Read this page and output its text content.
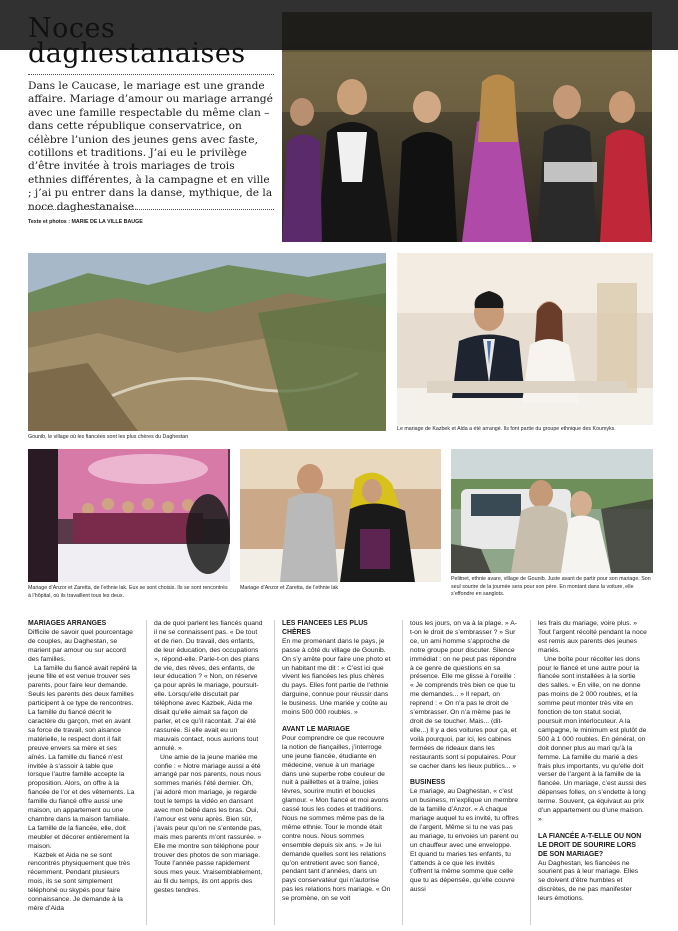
Noces daghestanaises

Dans le Caucase, le mariage est une grande affaire. Mariage d’amour ou mariage arrangé avec une famille respectable du même clan – dans cette république conservatrice, on célèbre l’union des jeunes gens avec faste, cotillons et traditions. J’ai eu le privilège d’être invitée à trois mariages de trois ethnies différentes, à la campagne et en ville ; j’ai pu entrer dans la danse, mythique, de la noce daghestanaise.

Texte et photos : MARIE DE LA VILLE BAUGE
Gounib, le village où les fiancées sont les plus chères du Daghestan
Le mariage de Kazbek et Aida a été arrangé. Ils font partie du groupe ethnique des Koumyks.
Mariage d’Anzor et Zaretta, de l’ethnie lak. Eux se sont choisis. Ils se sont rencontrés à l’hôpital, où ils travaillent tous les deux.
Mariage d’Anzor et Zaretta, de l’ethnie lak
Pelitnet, ethnie avare, village de Gounib. Juste avant de partir pour son mariage. Son seul sourire de la journée sera pour son père. En montant dans la voiture, elle s’effondre en sanglots.
MARIAGES ARRANGÉS

Difficile de savoir quel pourcentage de couples, au Daghestan, se marient par amour ou sur accord des familles.

La famille du fiancé avait repéré la jeune fille et est venue trouver ses parents, pour faire leur demande. Seuls les parents des deux familles participent à ce type de rencontres. La famille du fiancé décrit le caractère du garçon, met en avant sa force de travail, son aisance matérielle, le respect dont il fait preuve envers sa mère et ses aînés. La famille du fiancé n’est invitée à s’assoir à table que lorsque l’autre famille accepte la proposition. Alors, on offre à la fiancée de l’or et des vêtements. La famille du fiancé offre aussi une maison, un appartement ou une chambre dans la maison familiale. La famille de la fiancée, elle, doit meubler et décorer entièrement la maison.

Kazbek et Aida ne se sont rencontrés physiquement que très récemment. Pendant plusieurs mois, ils se sont simplement téléphoné ou skypés pour faire connaissance. Je demande à la mère d’Aida

da de quoi parlent les fiancés quand il ne se connaissent pas. « De tout et de rien. Du travail, des enfants, de leur éducation, des occupations », répond-elle. Parle-t-on des plans de vie, des rêves, des enfants, de leur éducation ? « Non, on réserve ça pour après le mariage, poursuit-elle. Lorsqu’elle discutait par téléphone avec Kazbek, Aida me disait qu’elle aimait sa façon de parler, et ce qu’il racontait. J’ai été rassurée. Si elle avait eu un mauvais contact, nous aurions tout annulé. »

Une amie de la jeune mariée me confie : « Notre mariage aussi a été arrangé par nos parents, nous nous sommes mariés l’été dernier. Oh, j’ai adoré mon mariage, je regarde tout le temps la vidéo en dansant avec mon bébé dans les bras. Oui, l’amour est venu après. Bien sûr, j’avais peur qu’on ne s’entende pas, mais mes parents m’ont rassurée. » Elle me montre son téléphone pour trouver des photos de son mariage. Toute l’année passe rapidement sous mes yeux. Vraisemblablement, au fil du temps, ils ont appris des gestes tendres.

LES FIANCÉES LES PLUS CHÈRES

En me promenant dans le pays, je passe à côté du village de Gounib. On s’y arrête pour faire une photo et un habitant me dit : « C’est ici que vivent les fiancées les plus chères du pays. Elles font partie de l’ethnie darguine, connue pour réussir dans le business. Une mariée y coûte au moins 500 000 roubles. »

AVANT LE MARIAGE

Pour comprendre ce que recouvre la notion de fiançailles, j’interroge une jeune fiancée, étudiante en médecine, venue à un mariage dans une superbe robe couleur de nuit à paillettes et à traîne, jolies lèvres, sourire mutin et boucles glamour. « Mon fiancé et moi avons cassé tous les codes et traditions. Nous ne sommes même pas de la même ethnie. Tour le monde était contre nous. Nous sommes ensemble depuis six ans. » Je lui demande quelles sont les relations qu’on entretient avec son fiancé, pendant tant d’années, dans un pays conservateur qui n’autorise pas les relations hors mariage. « On se promène, on se voit

tous les jours, on va à la plage. » A-t-on le droit de s’embrasser ? » Sur ce, un ami homme s’approche de notre groupe pour discuter. Silence immédiat : on ne peut pas répondre à ce genre de questions en sa présence. Elle me glisse à l’oreille : « Je comprends très bien ce que tu me demandes... » Il repart, on reprend : « On n’a pas le droit de s’embrasser. On n’a même pas le droit de se toucher. Mais... (dit-elle...) Il y a des voitures pour ça, et voilà pourquoi, par ici, les cabines fermées de rideaux dans les restaurants sont si populaires. Pour se cacher dans les lieux publics... »

BUSINESS

Le mariage, au Daghestan, « c’est un business, m’explique un membre de la famille d’Anzor. « A chaque mariage auquel tu es invité, tu offres de l’argent. Même si tu ne vas pas au mariage, tu envoies un parent ou un chauffeur avec une enveloppe. Et quand tu maries tes enfants, tu t’attends à ce que les invités t’offrent la même somme que celle que tu as dépensée, qu’elle couvre aussi

les frais du mariage, voire plus. » Tout l’argent récolté pendant la noce est remis aux parents des jeunes mariés.

Une boîte pour récolter les dons pour le fiancé et une autre pour la fiancée sont installées à la sortie des salles. « En ville, on ne donne pas moins de 2 000 roubles, et la somme peut monter très vite en fonction de ton statut social, poursuit mon interlocuteur. A la campagne, le minimum est plutôt de 500 à 1 000 roubles. En général, on doit donner plus au mari qu’à la femme. La famille du marié a des frais plus importants, vu qu’elle doit verser de l’argent à la famille de la fiancée. Un mariage, c’est aussi des dépenses folles, on s’endette à long terme. Souvent, ça équivaut au prix d’un appartement ou d’une maison. »

LA FIANCÉE A-T-ELLE OU NON LE DROIT DE SOURIRE LORS DE SON MARIAGE?

Au Daghestan, les fiancées ne sourient pas à leur mariage. Elles se doivent d’être humbles et discrètes, de ne pas manifester leurs émotions.
